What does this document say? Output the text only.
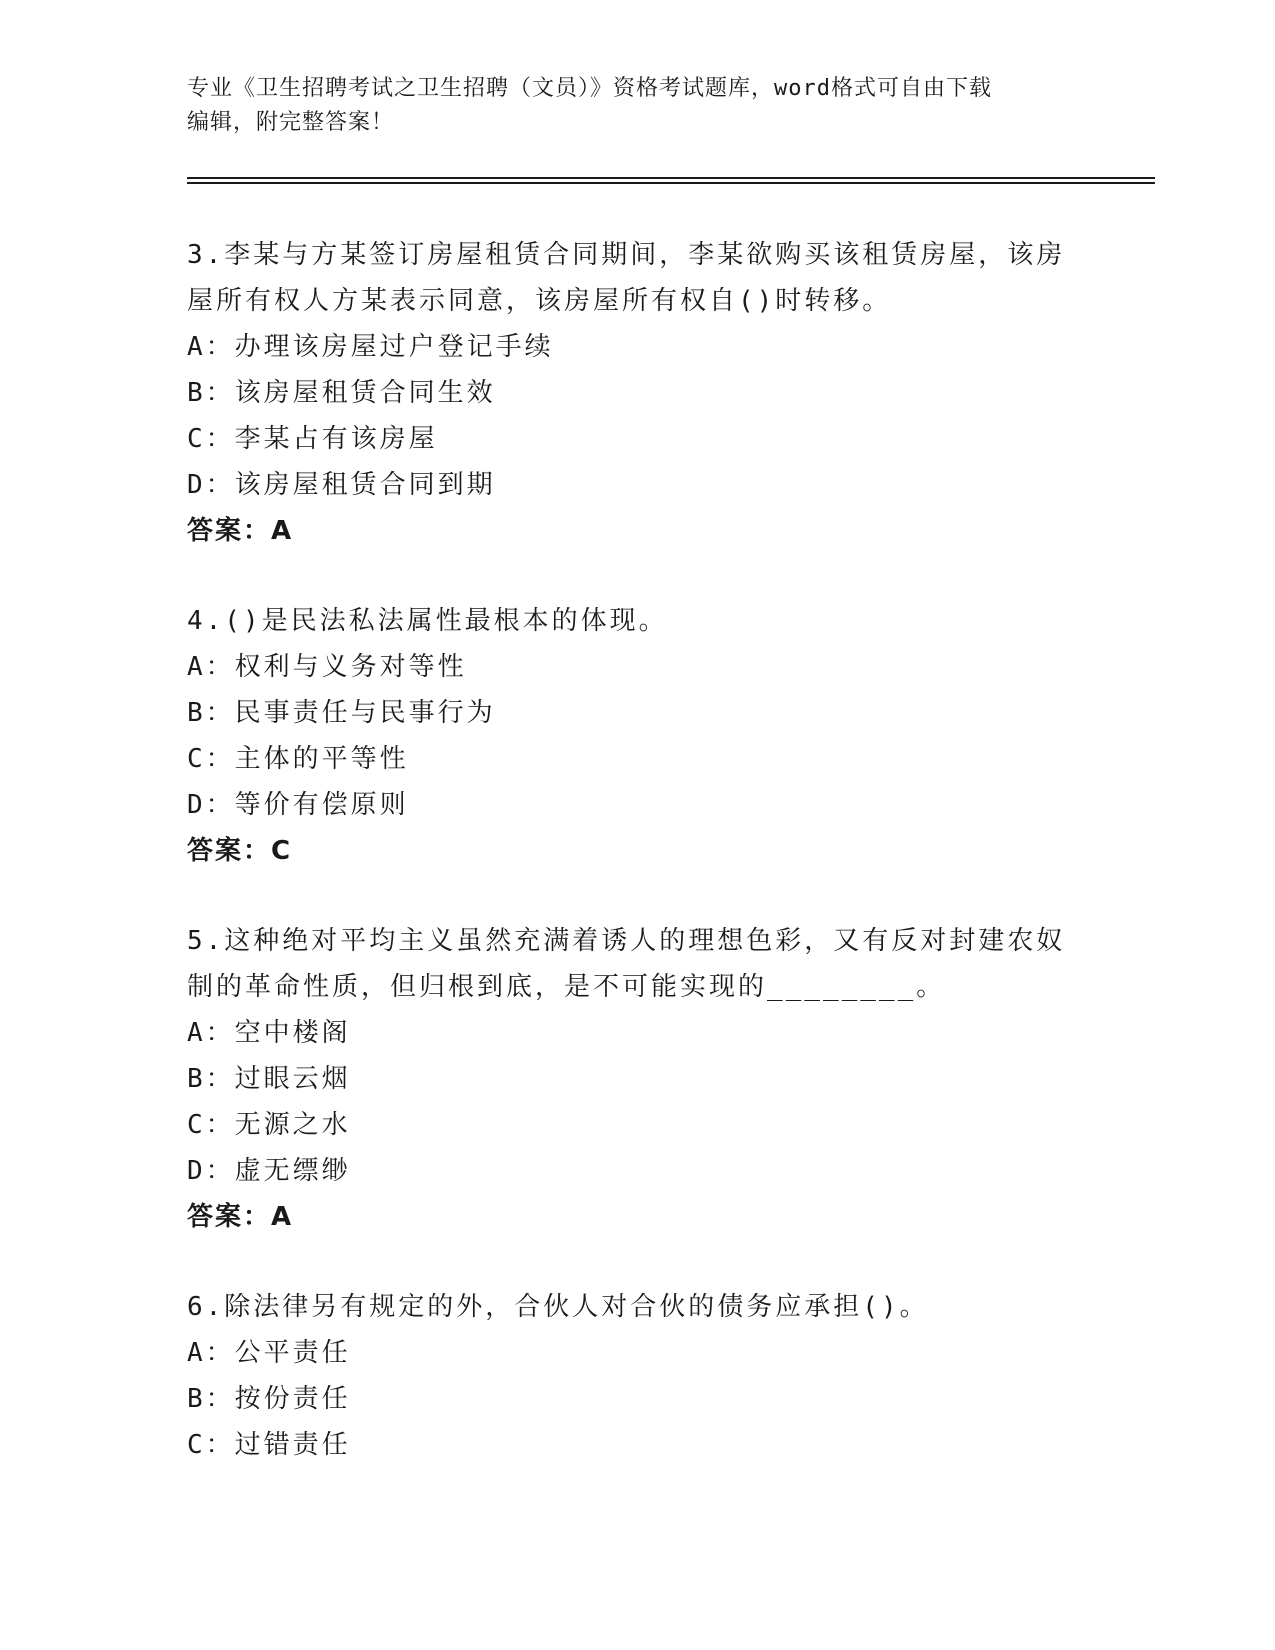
专业《卫生招聘考试之卫生招聘（文员）》资格考试题库，word格式可自由下载
编辑，附完整答案！

3.李某与方某签订房屋租赁合同期间，李某欲购买该租赁房屋，该房

屋所有权人方某表示同意，该房屋所有权自()时转移。

A：办理该房屋过户登记手续

B：该房屋租赁合同生效

C：李某占有该房屋

D：该房屋租赁合同到期

答案：A

4.()是民法私法属性最根本的体现。

A：权利与义务对等性

B：民事责任与民事行为

C：主体的平等性

D：等价有偿原则

答案：C

5.这种绝对平均主义虽然充满着诱人的理想色彩，又有反对封建农奴

制的革命性质，但归根到底，是不可能实现的________。

A：空中楼阁

B：过眼云烟

C：无源之水

D：虚无缥缈

答案：A

6.除法律另有规定的外，合伙人对合伙的债务应承担()。

A：公平责任

B：按份责任

C：过错责任
